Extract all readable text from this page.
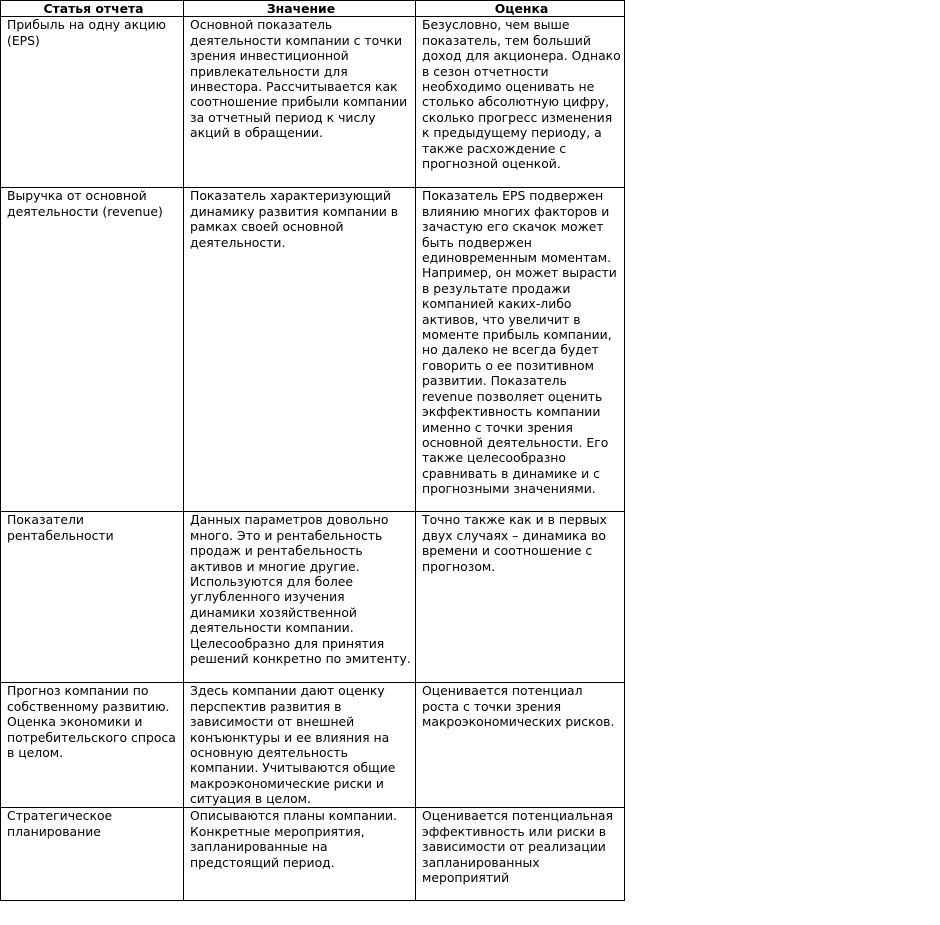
Статья отчета	Значение	Оценка

Прибыль на одну акцию (EPS)	Основной показатель деятельности компании с точки зрения инвестиционной привлекательности для инвестора. Рассчитывается как соотношение прибыли компании за отчетный период к числу акций в обращении.	Безусловно, чем выше показатель, тем больший доход для акционера. Однако в сезон отчетности необходимо оценивать не столько абсолютную цифру, сколько прогресс изменения к предыдущему периоду, а также расхождение с прогнозной оценкой.

Выручка от основной деятельности (revenue)	Показатель характеризующий динамику развития компании в рамках своей основной деятельности.	Показатель EPS подвержен влиянию многих факторов и зачастую его скачок может быть подвержен единовременным моментам. Например, он может вырасти в результате продажи компанией каких-либо активов, что увеличит в моменте прибыль компании, но далеко не всегда будет говорить о ее позитивном развитии. Показатель revenue позволяет оценить экффективность компании именно с точки зрения основной деятельности. Его также целесообразно сравнивать в динамике и с прогнозными значениями.

Показатели рентабельности	Данных параметров довольно много. Это и рентабельность продаж и рентабельность активов и многие другие. Используются для более углубленного изучения динамики хозяйственной деятельности компании. Целесообразно для принятия решений конкретно по эмитенту.	Точно также как и в первых двух случаях – динамика во времени и соотношение с прогнозом.

Прогноз компании по собственному развитию. Оценка экономики и потребительского спроса в целом.	Здесь компании дают оценку перспектив развития в зависимости от внешней конъюнктуры и ее влияния на основную деятельность компании. Учитываются общие макроэкономические риски и ситуация в целом.	Оценивается потенциал роста с точки зрения макроэкономических рисков.

Стратегическое планирование	Описываются планы компании. Конкретные мероприятия, запланированные на предстоящий период.	Оценивается потенциальная эффективность или риски в зависимости от реализации запланированных мероприятий
